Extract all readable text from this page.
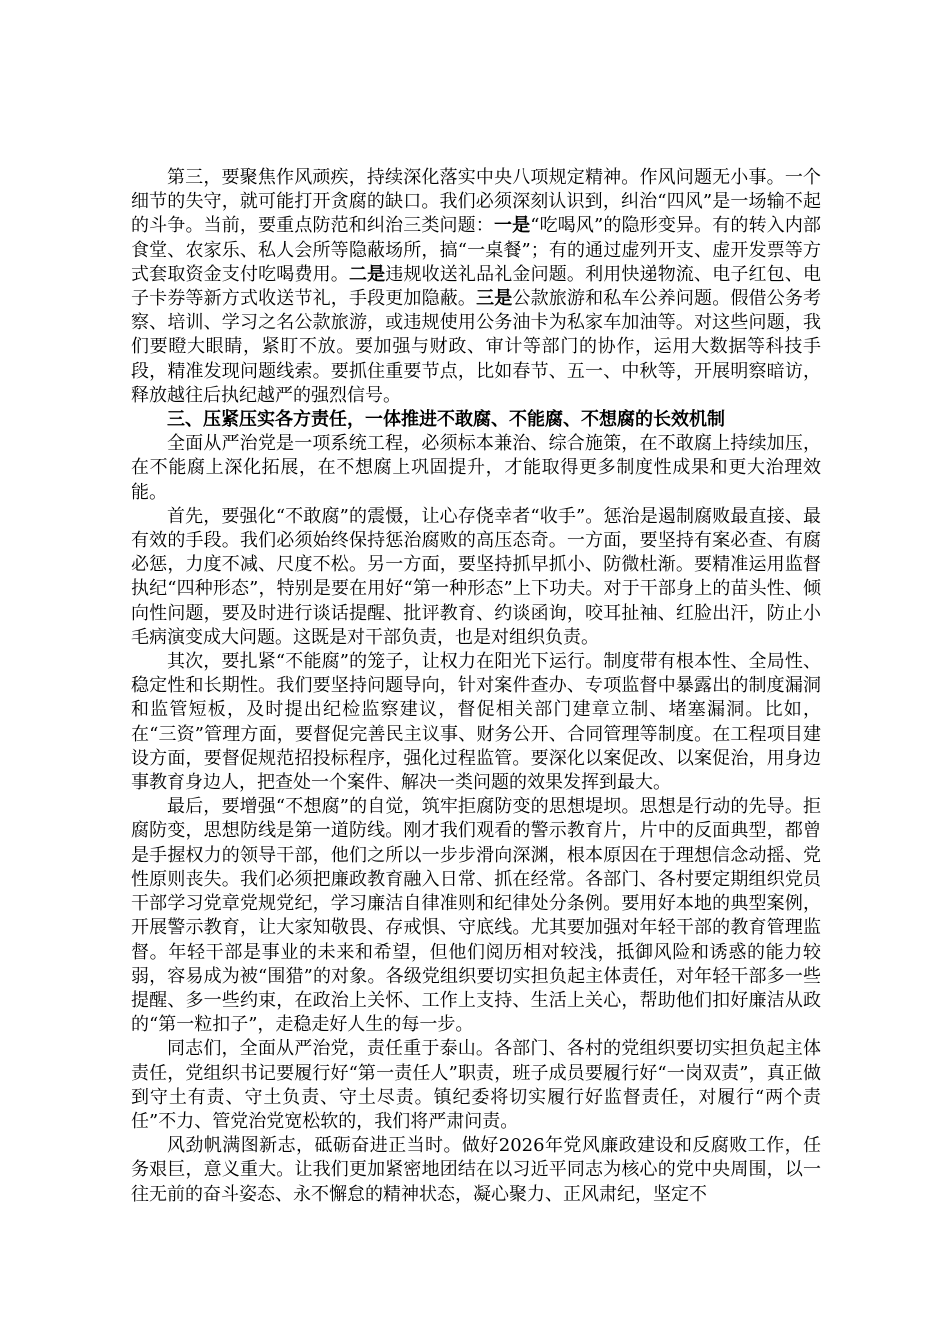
第三，要聚焦作风顽疾，持续深化落实中央八项规定精神。作风问题无小事。一个细节的失守，就可能打开贪腐的缺口。我们必须深刻认识到，纠治“四风”是一场输不起的斗争。当前，要重点防范和纠治三类问题：一是“吃喝风”的隐形变异。有的转入内部食堂、农家乐、私人会所等隐蔽场所，搞“一桌餐”；有的通过虚列开支、虚开发票等方式套取资金支付吃喝费用。二是违规收送礼品礼金问题。利用快递物流、电子红包、电子卡券等新方式收送节礼，手段更加隐蔽。三是公款旅游和私车公养问题。假借公务考察、培训、学习之名公款旅游，或违规使用公务油卡为私家车加油等。对这些问题，我们要瞪大眼睛，紧盯不放。要加强与财政、审计等部门的协作，运用大数据等科技手段，精准发现问题线索。要抓住重要节点，比如春节、五一、中秋等，开展明察暗访，释放越往后执纪越严的强烈信号。

三、压紧压实各方责任，一体推进不敢腐、不能腐、不想腐的长效机制

全面从严治党是一项系统工程，必须标本兼治、综合施策，在不敢腐上持续加压，在不能腐上深化拓展，在不想腐上巩固提升，才能取得更多制度性成果和更大治理效能。

首先，要强化“不敢腐”的震慑，让心存侥幸者“收手”。惩治是遏制腐败最直接、最有效的手段。我们必须始终保持惩治腐败的高压态奇。一方面，要坚持有案必查、有腐必惩，力度不减、尺度不松。另一方面，要坚持抓早抓小、防微杜渐。要精准运用监督执纪“四种形态”，特别是要在用好“第一种形态”上下功夫。对于干部身上的苗头性、倾向性问题，要及时进行谈话提醒、批评教育、约谈函询，咬耳扯袖、红脸出汗，防止小毛病演变成大问题。这既是对干部负责，也是对组织负责。

其次，要扎紧“不能腐”的笼子，让权力在阳光下运行。制度带有根本性、全局性、稳定性和长期性。我们要坚持问题导向，针对案件查办、专项监督中暴露出的制度漏洞和监管短板，及时提出纪检监察建议，督促相关部门建章立制、堵塞漏洞。比如，在“三资”管理方面，要督促完善民主议事、财务公开、合同管理等制度。在工程项目建设方面，要督促规范招投标程序，强化过程监管。要深化以案促改、以案促治，用身边事教育身边人，把查处一个案件、解决一类问题的效果发挥到最大。

最后，要增强“不想腐”的自觉，筑牢拒腐防变的思想堤坝。思想是行动的先导。拒腐防变，思想防线是第一道防线。刚才我们观看的警示教育片，片中的反面典型，都曾是手握权力的领导干部，他们之所以一步步滑向深渊，根本原因在于理想信念动摇、党性原则丧失。我们必须把廉政教育融入日常、抓在经常。各部门、各村要定期组织党员干部学习党章党规党纪，学习廉洁自律准则和纪律处分条例。要用好本地的典型案例，开展警示教育，让大家知敬畏、存戒惧、守底线。尤其要加强对年轻干部的教育管理监督。年轻干部是事业的未来和希望，但他们阅历相对较浅，抵御风险和诱惑的能力较弱，容易成为被“围猎”的对象。各级党组织要切实担负起主体责任，对年轻干部多一些提醒、多一些约束，在政治上关怀、工作上支持、生活上关心，帮助他们扣好廉洁从政的“第一粒扣子”，走稳走好人生的每一步。

同志们，全面从严治党，责任重于泰山。各部门、各村的党组织要切实担负起主体责任，党组织书记要履行好“第一责任人”职责，班子成员要履行好“一岗双责”，真正做到守土有责、守土负责、守土尽责。镇纪委将切实履行好监督责任，对履行“两个责任”不力、管党治党宽松软的，我们将严肃问责。

风劲帆满图新志，砥砺奋进正当时。做好2026年党风廉政建设和反腐败工作，任务艰巨，意义重大。让我们更加紧密地团结在以习近平同志为核心的党中央周围，以一往无前的奋斗姿态、永不懈怠的精神状态，凝心聚力、正风肃纪，坚定不
